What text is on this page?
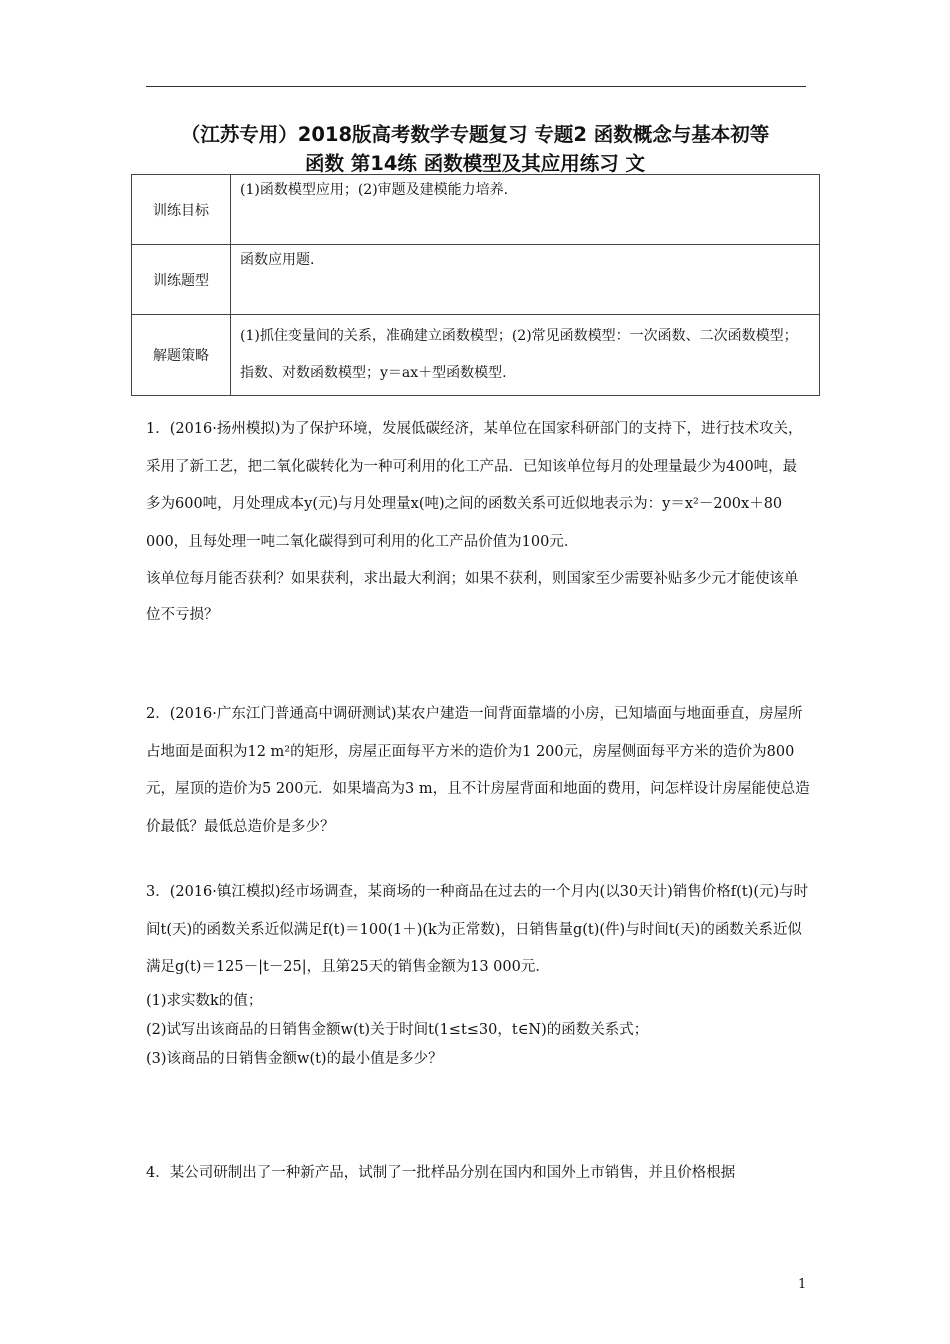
（江苏专用）2018版高考数学专题复习 专题2 函数概念与基本初等
函数 第14练 函数模型及其应用练习 文
训练目标	(1)函数模型应用；(2)审题及建模能力培养.
训练题型	函数应用题.
解题策略	(1)抓住变量间的关系，准确建立函数模型；(2)常见函数模型：一次函数、二次函数模型；指数、对数函数模型；y＝ax＋型函数模型.

1．(2016·扬州模拟)为了保护环境，发展低碳经济，某单位在国家科研部门的支持下，进行技术攻关，采用了新工艺，把二氧化碳转化为一种可利用的化工产品．已知该单位每月的处理量最少为400吨，最多为600吨，月处理成本y(元)与月处理量x(吨)之间的函数关系可近似地表示为：y＝x²－200x＋80 000，且每处理一吨二氧化碳得到可利用的化工产品价值为100元．

该单位每月能否获利？如果获利，求出最大利润；如果不获利，则国家至少需要补贴多少元才能使该单位不亏损？

2．(2016·广东江门普通高中调研测试)某农户建造一间背面靠墙的小房，已知墙面与地面垂直，房屋所占地面是面积为12 m²的矩形，房屋正面每平方米的造价为1 200元，房屋侧面每平方米的造价为800元，屋顶的造价为5 200元．如果墙高为3 m，且不计房屋背面和地面的费用，问怎样设计房屋能使总造价最低？最低总造价是多少？

3．(2016·镇江模拟)经市场调查，某商场的一种商品在过去的一个月内(以30天计)销售价格f(t)(元)与时间t(天)的函数关系近似满足f(t)＝100(1＋)(k为正常数)，日销售量g(t)(件)与时间t(天)的函数关系近似满足g(t)＝125－|t－25|，且第25天的销售金额为13 000元．

(1)求实数k的值；

(2)试写出该商品的日销售金额w(t)关于时间t(1≤t≤30，t∈N)的函数关系式；

(3)该商品的日销售金额w(t)的最小值是多少？

4．某公司研制出了一种新产品，试制了一批样品分别在国内和国外上市销售，并且价格根据

1
